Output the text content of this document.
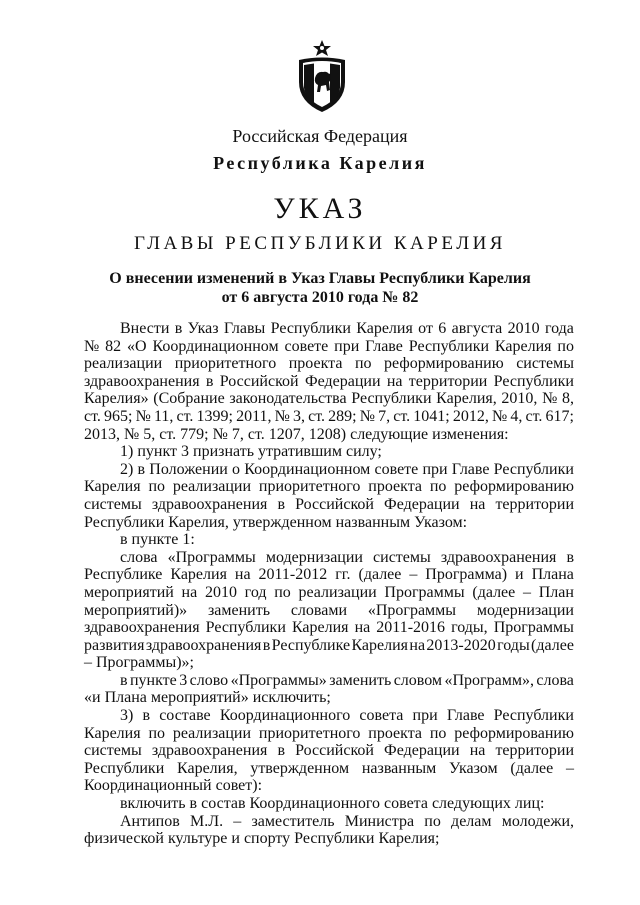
Российская Федерация
Республика Карелия
УКАЗ
ГЛАВЫ РЕСПУБЛИКИ КАРЕЛИЯ
О внесении изменений в Указ Главы Республики Карелия
от 6 августа 2010 года № 82
Внести в Указ Главы Республики Карелия от 6 августа 2010 года
№ 82 «О Координационном совете при Главе Республики Карелия по
реализации приоритетного проекта по реформированию системы
здравоохранения в Российской Федерации на территории Республики
Карелия» (Собрание законодательства Республики Карелия, 2010, № 8,
ст. 965; № 11, ст. 1399; 2011, № 3, ст. 289; № 7, ст. 1041; 2012, № 4, ст. 617;
2013, № 5, ст. 779; № 7, ст. 1207, 1208) следующие изменения:
1) пункт 3 признать утратившим силу;
2) в Положении о Координационном совете при Главе Республики
Карелия по реализации приоритетного проекта по реформированию
системы здравоохранения в Российской Федерации на территории
Республики Карелия, утвержденном названным Указом:
в пункте 1:
слова «Программы модернизации системы здравоохранения в
Республике Карелия на 2011-2012 гг. (далее – Программа) и Плана
мероприятий на 2010 год по реализации Программы (далее – План
мероприятий)» заменить словами «Программы модернизации
здравоохранения Республики Карелия на 2011-2016 годы, Программы
развития здравоохранения в Республике Карелия на 2013-2020 годы (далее
– Программы)»;
в пункте 3 слово «Программы» заменить словом «Программ», слова
«и Плана мероприятий» исключить;
3) в составе Координационного совета при Главе Республики
Карелия по реализации приоритетного проекта по реформированию
системы здравоохранения в Российской Федерации на территории
Республики Карелия, утвержденном названным Указом (далее –
Координационный совет):
включить в состав Координационного совета следующих лиц:
Антипов М.Л. – заместитель Министра по делам молодежи,
физической культуре и спорту Республики Карелия;
